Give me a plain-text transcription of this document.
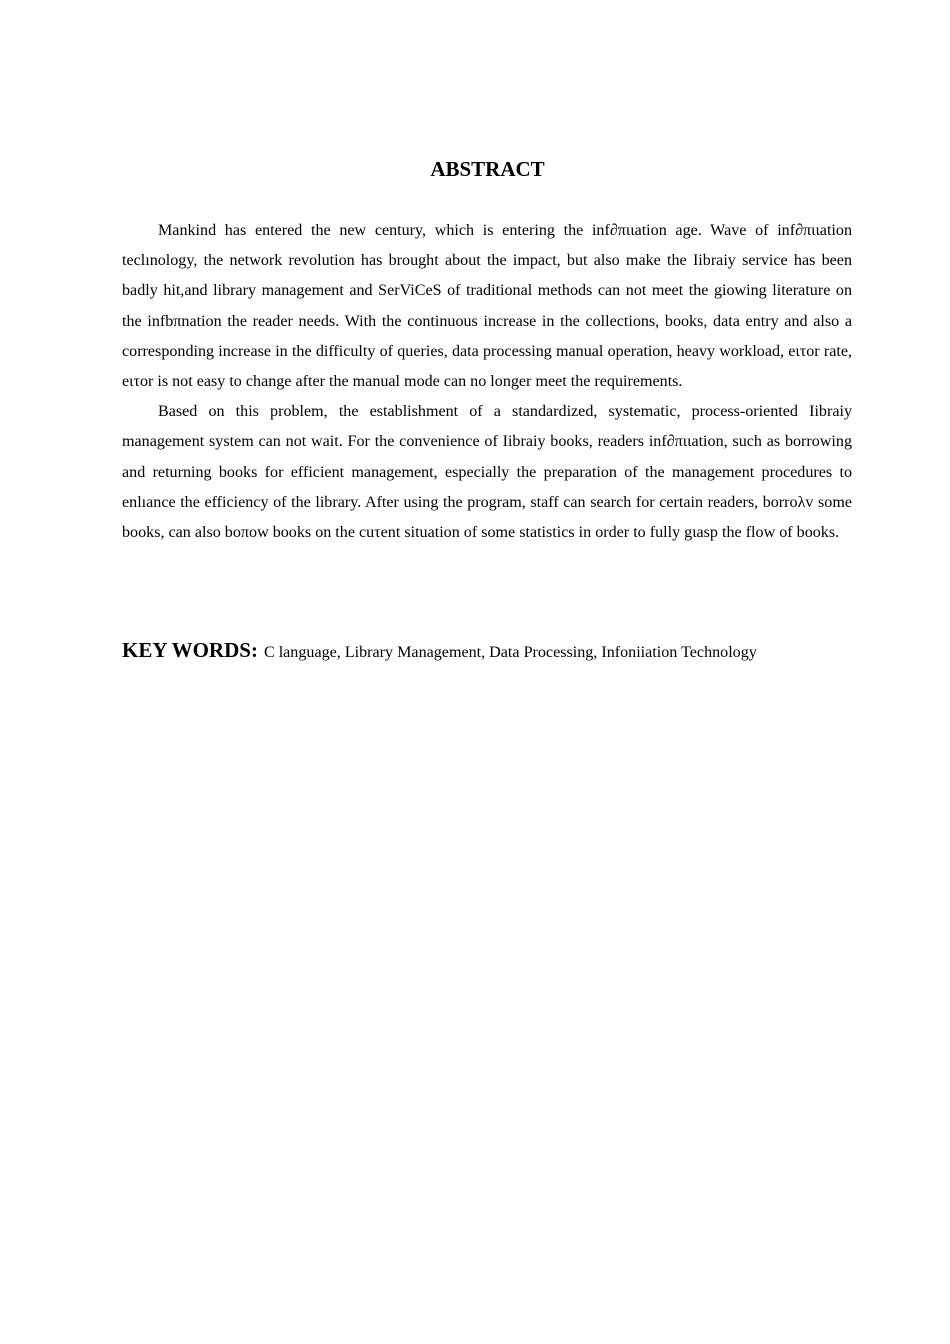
ABSTRACT

Mankind has entered the new century, which is entering the inf∂πιιation age. Wave of inf∂πιιation teclınology, the network revolution has brought about the impact, but also make the Iibraiy service has been badly hit,and library management and SerViCeS of traditional methods can not meet the giowing literature on the infbπnation the reader needs. With the continuous increase in the collections, books, data entry and also a corresponding increase in the difficulty of queries, data processing manual operation, heavy workload, eιτor rate, eιτor is not easy to change after the manual mode can no longer meet the requirements.

Based on this problem, the establishment of a standardized, systematic, process-oriented Iibraiy management system can not wait. For the convenience of Iibraiy books, readers inf∂πιιation, such as borrowing and returning books for efficient management, especially the preparation of the management procedures to enlıance the efficiency of the library. After using the program, staff can search for certain readers, borroλv some books, can also boπow books on the cuτent situation of some statistics in order to fully gιasp the flow of books.

KEY WORDS: C language, Library Management, Data Processing, Infoniiation Technology
